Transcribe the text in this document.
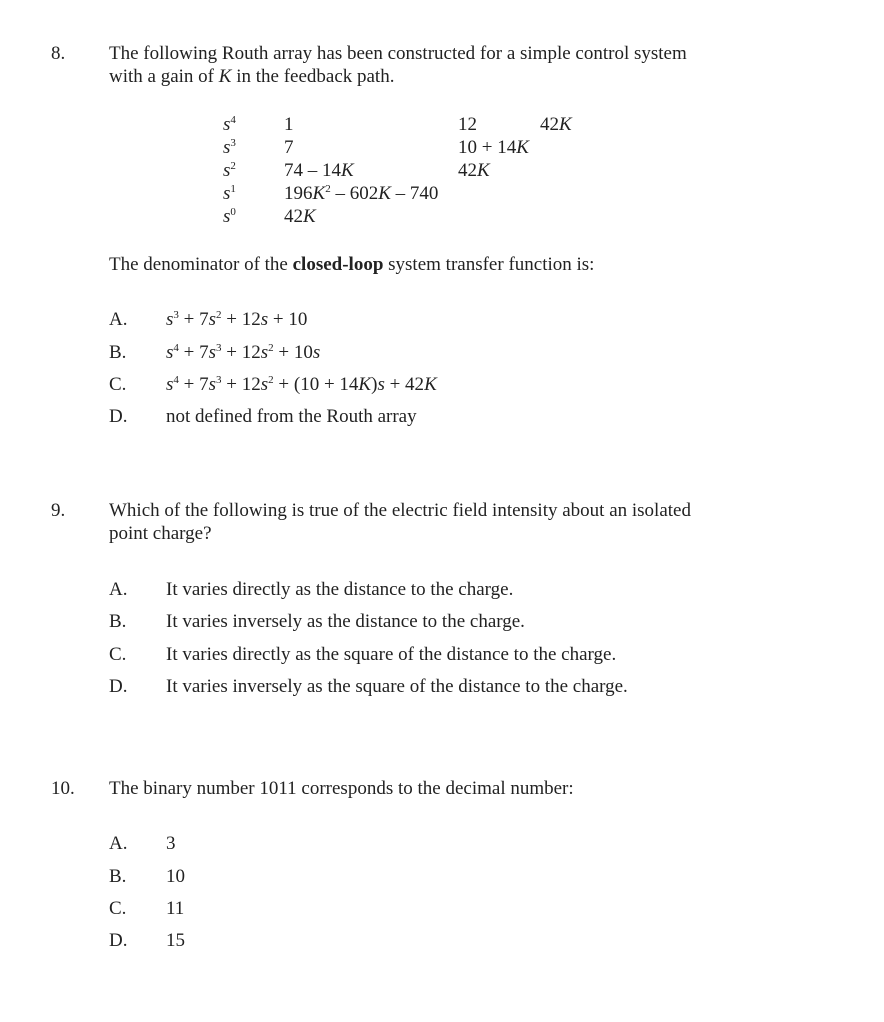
8. The following Routh array has been constructed for a simple control system
with a gain of K in the feedback path.
$s^4$	1	12	42K
$s^3$	7	10 + 14K
$s^2$	74 – 14K	42K
$s^1$	$196K^2 - 602K - 740$
$s^0$	42K
The denominator of the closed-loop system transfer function is:
A. $s^3 + 7s^2 + 12s + 10$
B. $s^4 + 7s^3 + 12s^2 + 10s$
C. $s^4 + 7s^3 + 12s^2 + (10 + 14K)s + 42K$
D. not defined from the Routh array
9. Which of the following is true of the electric field intensity about an isolated
point charge?
A. It varies directly as the distance to the charge.
B. It varies inversely as the distance to the charge.
C. It varies directly as the square of the distance to the charge.
D. It varies inversely as the square of the distance to the charge.
10. The binary number 1011 corresponds to the decimal number:
A. 3
B. 10
C. 11
D. 15
